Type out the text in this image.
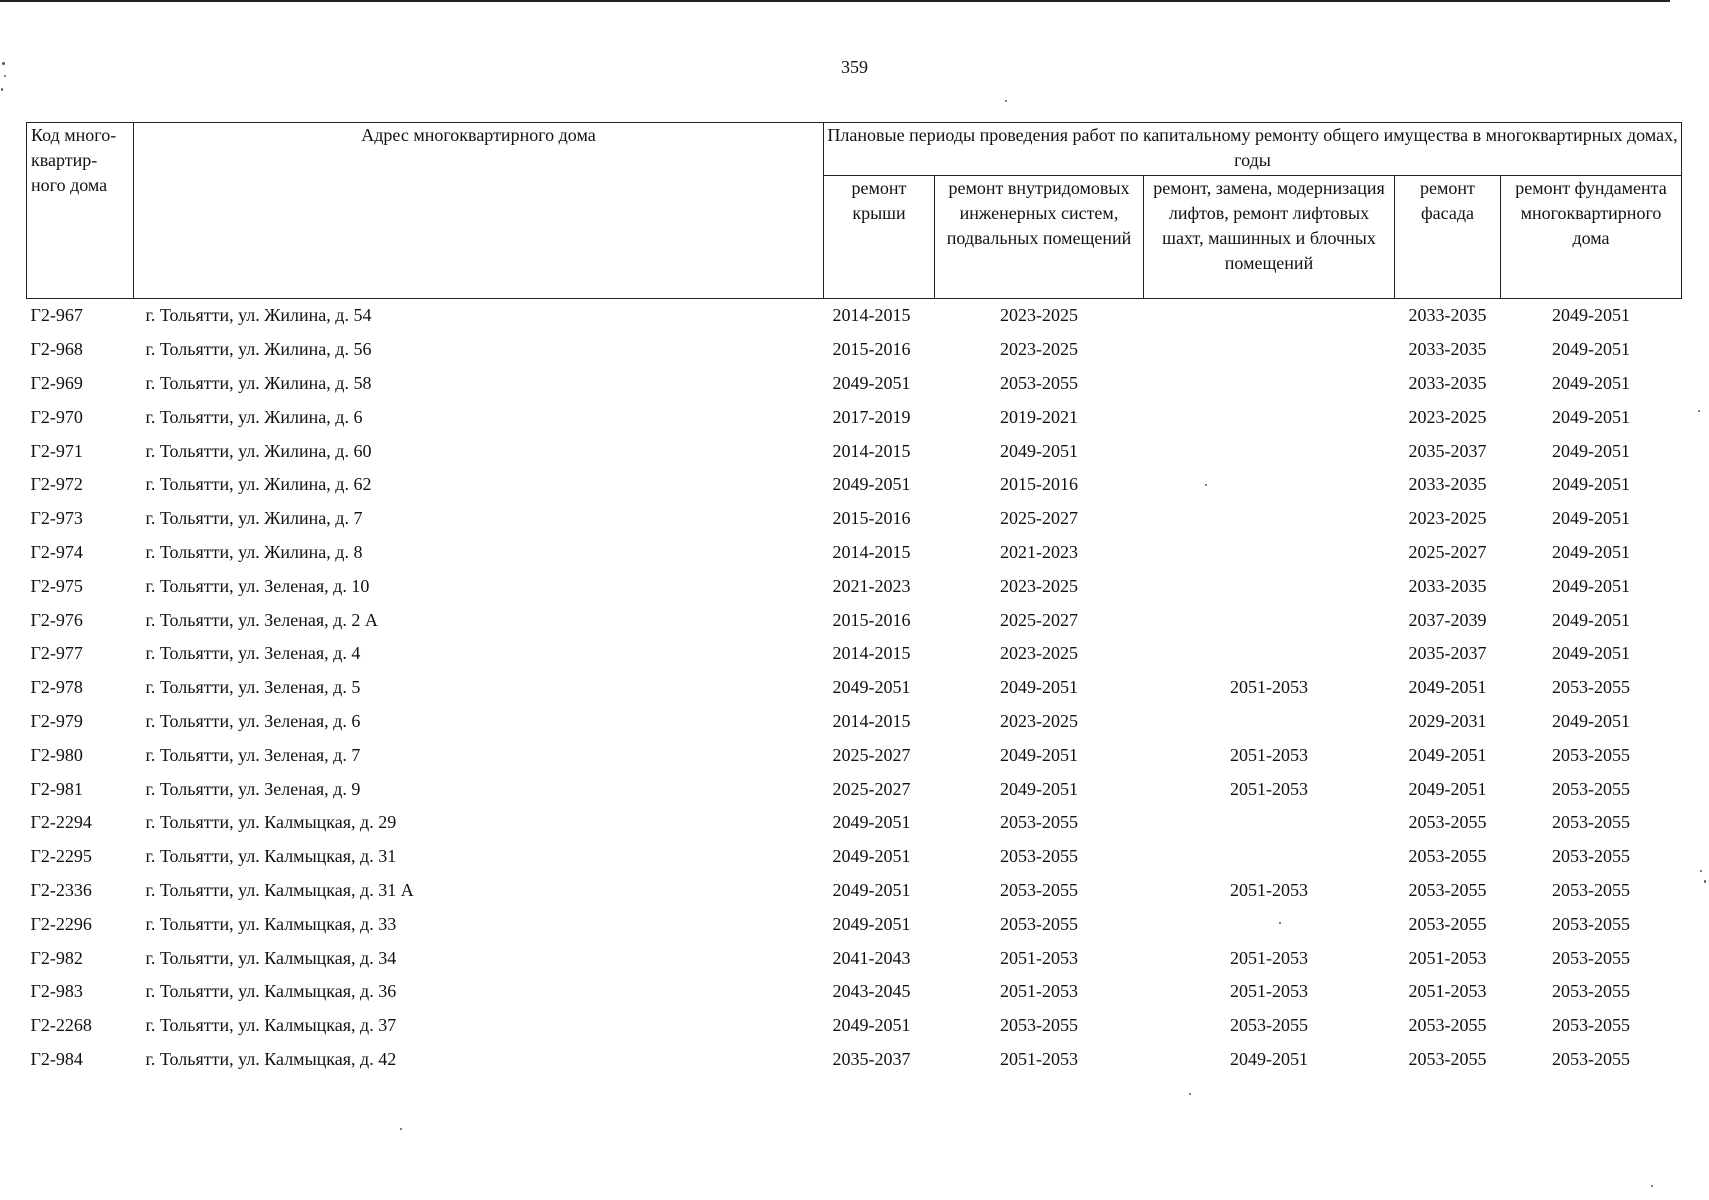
359
Код много-квартир-ного дома	Адрес многоквартирного дома	Плановые периоды проведения работ по капитальному ремонту общего имущества в многоквартирных домах, годы				
		ремонт крыши	ремонт внутридомовых инженерных систем, подвальных помещений	ремонт, замена, модернизация лифтов, ремонт лифтовых шахт, машинных и блочных помещений	ремонт фасада	ремонт фундамента многоквартирного дома
Г2-967	г. Тольятти, ул. Жилина, д. 54	2014-2015	2023-2025		2033-2035	2049-2051
Г2-968	г. Тольятти, ул. Жилина, д. 56	2015-2016	2023-2025		2033-2035	2049-2051
Г2-969	г. Тольятти, ул. Жилина, д. 58	2049-2051	2053-2055		2033-2035	2049-2051
Г2-970	г. Тольятти, ул. Жилина, д. 6	2017-2019	2019-2021		2023-2025	2049-2051
Г2-971	г. Тольятти, ул. Жилина, д. 60	2014-2015	2049-2051		2035-2037	2049-2051
Г2-972	г. Тольятти, ул. Жилина, д. 62	2049-2051	2015-2016		2033-2035	2049-2051
Г2-973	г. Тольятти, ул. Жилина, д. 7	2015-2016	2025-2027		2023-2025	2049-2051
Г2-974	г. Тольятти, ул. Жилина, д. 8	2014-2015	2021-2023		2025-2027	2049-2051
Г2-975	г. Тольятти, ул. Зеленая, д. 10	2021-2023	2023-2025		2033-2035	2049-2051
Г2-976	г. Тольятти, ул. Зеленая, д. 2 А	2015-2016	2025-2027		2037-2039	2049-2051
Г2-977	г. Тольятти, ул. Зеленая, д. 4	2014-2015	2023-2025		2035-2037	2049-2051
Г2-978	г. Тольятти, ул. Зеленая, д. 5	2049-2051	2049-2051	2051-2053	2049-2051	2053-2055
Г2-979	г. Тольятти, ул. Зеленая, д. 6	2014-2015	2023-2025		2029-2031	2049-2051
Г2-980	г. Тольятти, ул. Зеленая, д. 7	2025-2027	2049-2051	2051-2053	2049-2051	2053-2055
Г2-981	г. Тольятти, ул. Зеленая, д. 9	2025-2027	2049-2051	2051-2053	2049-2051	2053-2055
Г2-2294	г. Тольятти, ул. Калмыцкая, д. 29	2049-2051	2053-2055		2053-2055	2053-2055
Г2-2295	г. Тольятти, ул. Калмыцкая, д. 31	2049-2051	2053-2055		2053-2055	2053-2055
Г2-2336	г. Тольятти, ул. Калмыцкая, д. 31 А	2049-2051	2053-2055	2051-2053	2053-2055	2053-2055
Г2-2296	г. Тольятти, ул. Калмыцкая, д. 33	2049-2051	2053-2055		2053-2055	2053-2055
Г2-982	г. Тольятти, ул. Калмыцкая, д. 34	2041-2043	2051-2053	2051-2053	2051-2053	2053-2055
Г2-983	г. Тольятти, ул. Калмыцкая, д. 36	2043-2045	2051-2053	2051-2053	2051-2053	2053-2055
Г2-2268	г. Тольятти, ул. Калмыцкая, д. 37	2049-2051	2053-2055	2053-2055	2053-2055	2053-2055
Г2-984	г. Тольятти, ул. Калмыцкая, д. 42	2035-2037	2051-2053	2049-2051	2053-2055	2053-2055
